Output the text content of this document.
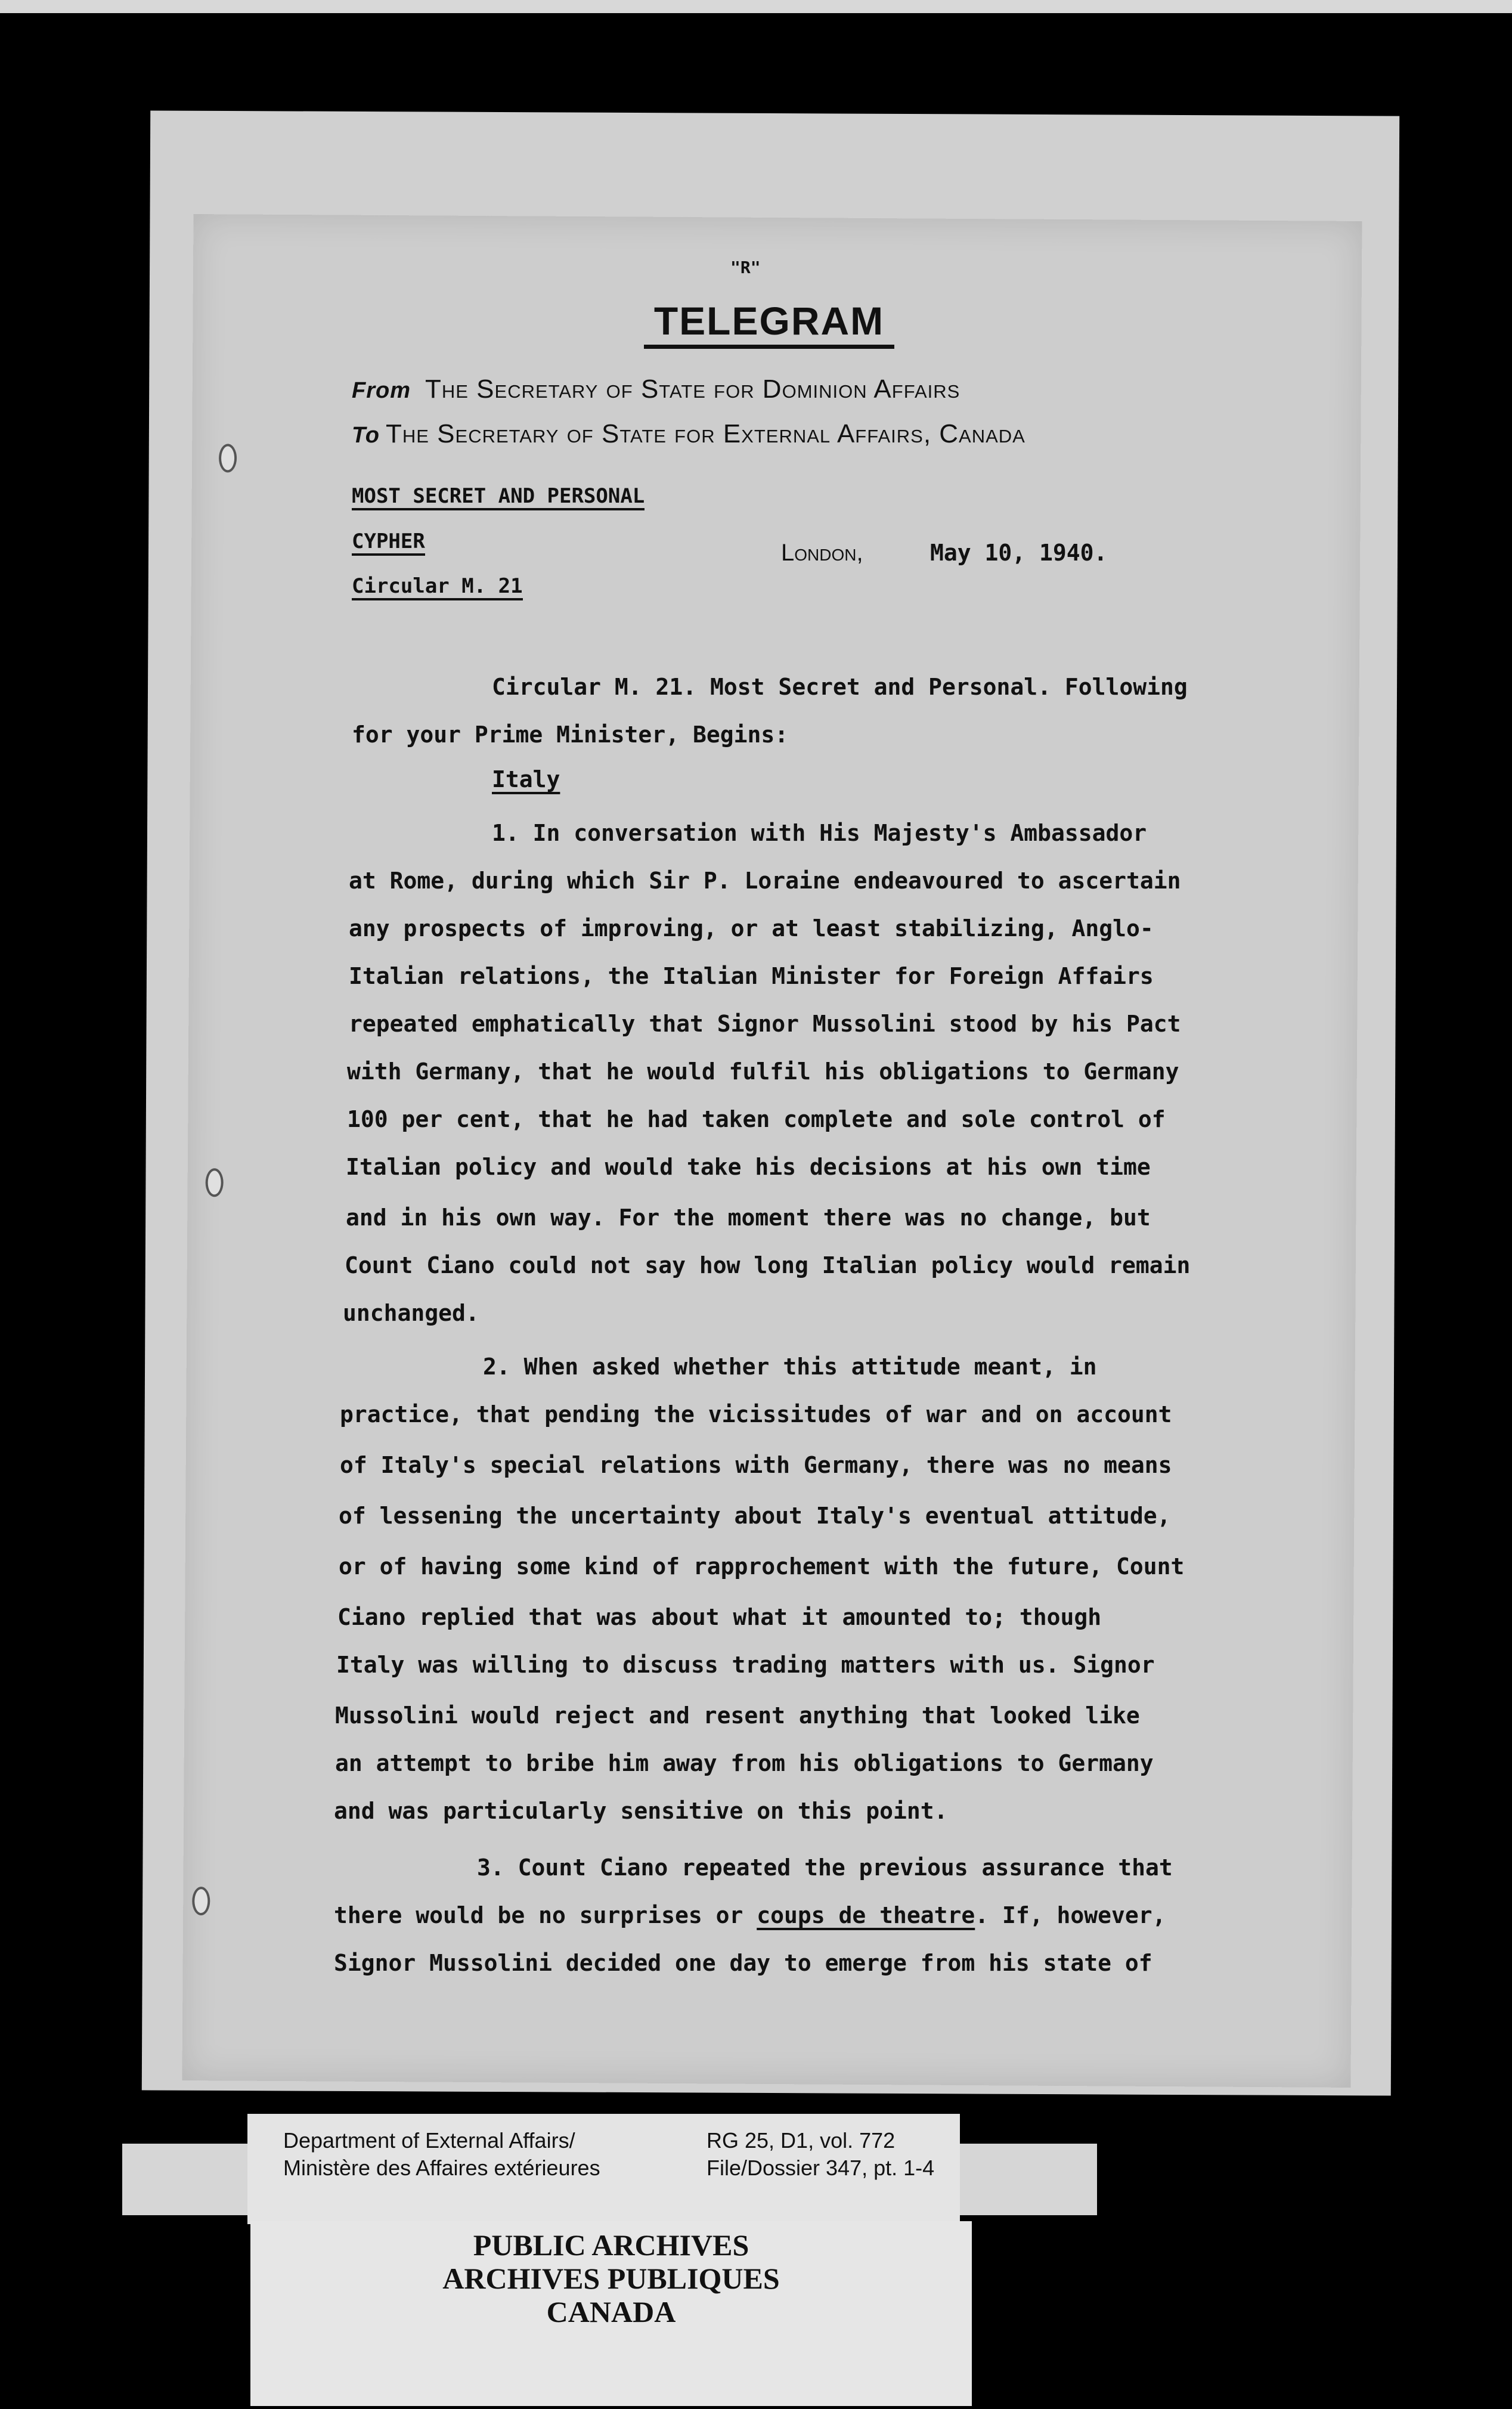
"R"
TELEGRAM
From The Secretary of State for Dominion Affairs
To The Secretary of State for External Affairs, Canada
MOST SECRET AND PERSONAL
CYPHER
Circular M. 21
London,	May 10, 1940.
Circular M. 21. Most Secret and Personal. Following
for your Prime Minister, Begins:
Italy
1. In conversation with His Majesty's Ambassador
at Rome, during which Sir P. Loraine endeavoured to ascertain
any prospects of improving, or at least stabilizing, Anglo-
Italian relations, the Italian Minister for Foreign Affairs
repeated emphatically that Signor Mussolini stood by his Pact
with Germany, that he would fulfil his obligations to Germany
100 per cent, that he had taken complete and sole control of
Italian policy and would take his decisions at his own time
and in his own way. For the moment there was no change, but
Count Ciano could not say how long Italian policy would remain
unchanged.
2. When asked whether this attitude meant, in
practice, that pending the vicissitudes of war and on account
of Italy's special relations with Germany, there was no means
of lessening the uncertainty about Italy's eventual attitude,
or of having some kind of rapprochement with the future, Count
Ciano replied that was about what it amounted to; though
Italy was willing to discuss trading matters with us. Signor
Mussolini would reject and resent anything that looked like
an attempt to bribe him away from his obligations to Germany
and was particularly sensitive on this point.
3. Count Ciano repeated the previous assurance that
there would be no surprises or coups de theatre. If, however,
Signor Mussolini decided one day to emerge from his state of
Department of External Affairs/
Ministère des Affaires extérieures
RG 25, D1, vol. 772
File/Dossier 347, pt. 1-4
PUBLIC ARCHIVES
ARCHIVES PUBLIQUES
CANADA
